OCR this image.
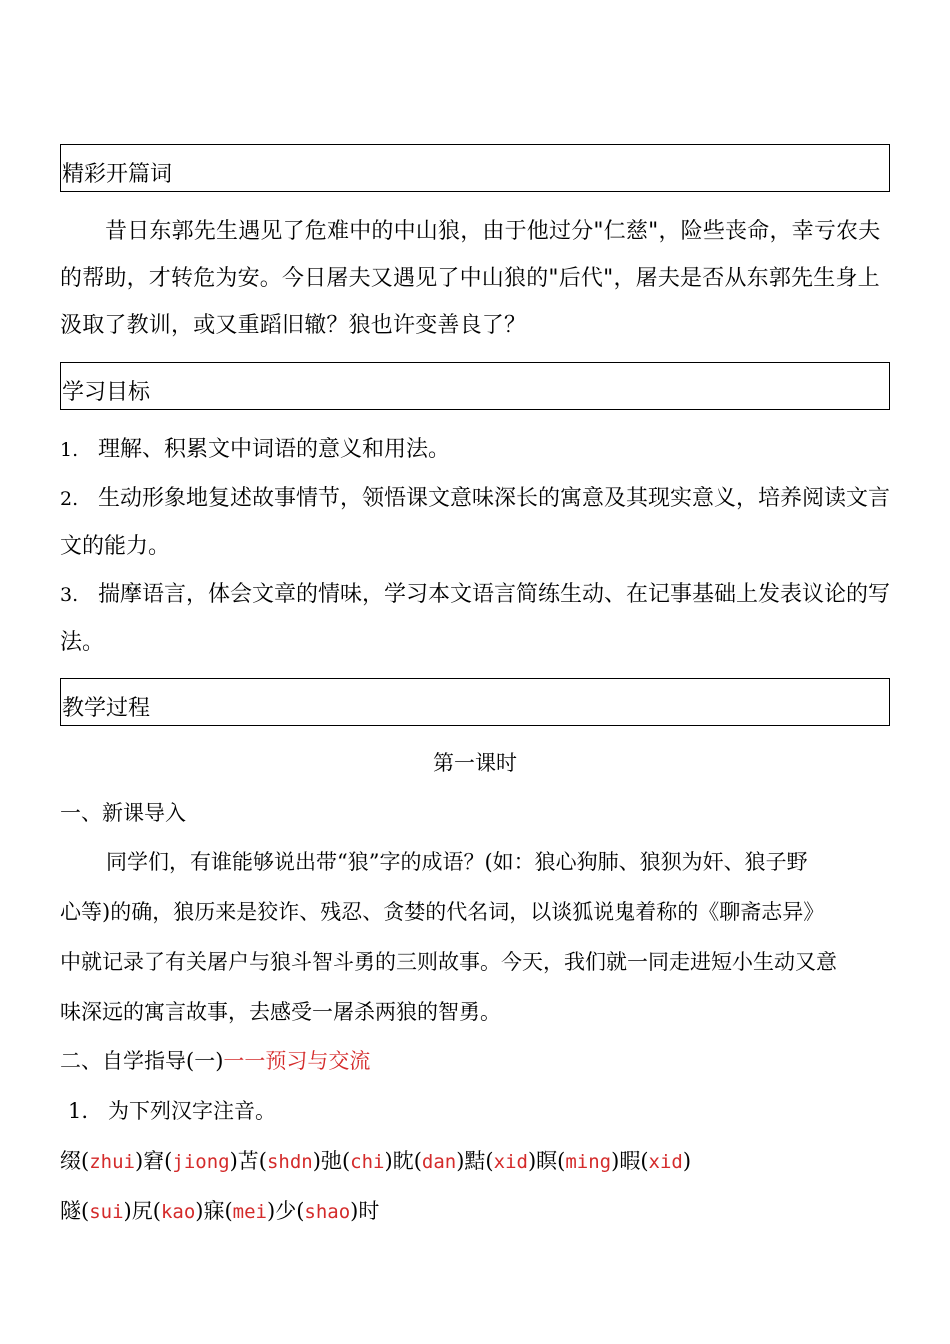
精彩开篇词
昔日东郭先生遇见了危难中的中山狼，由于他过分"仁慈"，险些丧命，幸亏农夫的帮助，才转危为安。今日屠夫又遇见了中山狼的"后代"，屠夫是否从东郭先生身上汲取了教训，或又重蹈旧辙？狼也许变善良了？
学习目标
1. 理解、积累文中词语的意义和用法。
2. 生动形象地复述故事情节，领悟课文意味深长的寓意及其现实意义，培养阅读文言文的能力。
3. 揣摩语言，体会文章的情味，学习本文语言简练生动、在记事基础上发表议论的写法。
教学过程
第一课时
一、新课导入
同学们，有谁能够说出带“狼”字的成语？(如：狼心狗肺、狼狈为奸、狼子野
心等)的确，狼历来是狡诈、残忍、贪婪的代名词，以谈狐说鬼着称的《聊斋志异》
中就记录了有关屠户与狼斗智斗勇的三则故事。今天，我们就一同走进短小生动又意
味深远的寓言故事，去感受一屠杀两狼的智勇。
二、自学指导(一)一一预习与交流
1.   为下列汉字注音。
缀(zhui)窘(jiong)苫(shdn)弛(chi)眈(dan)黠(xid)瞑(ming)暇(xid)
隧(sui)尻(kao)寐(mei)少(shao)时
